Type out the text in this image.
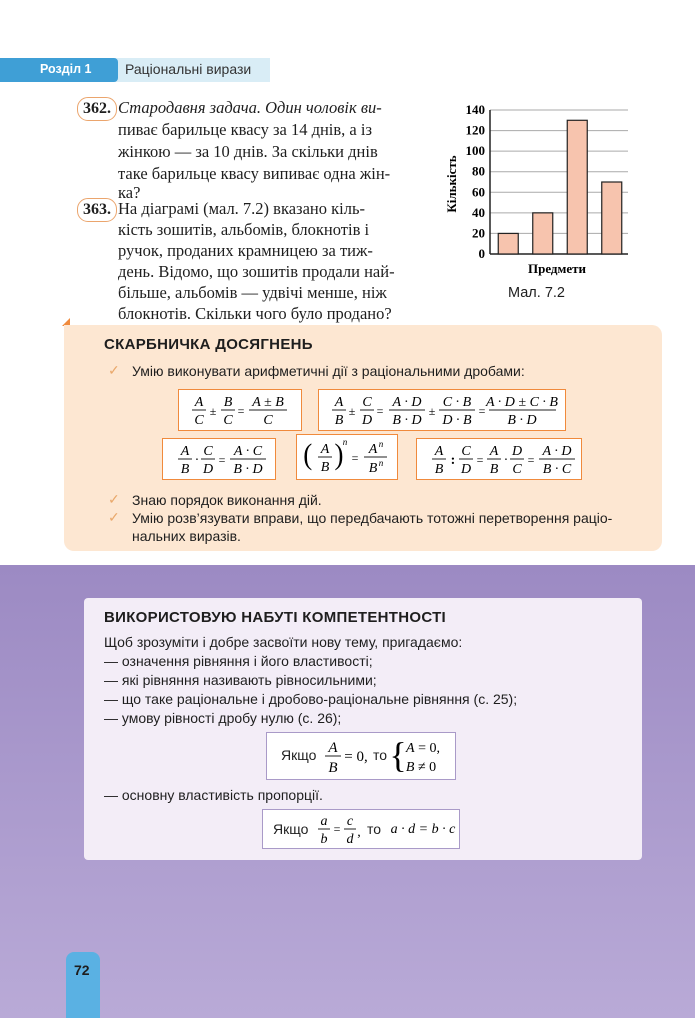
Розділ 1 Раціональні вирази
362. Стародавня задача. Один чоловік ви-
пиває барильце квасу за 14 днів, а із
жінкою — за 10 днів. За скільки днів
таке барильце квасу випиває одна жін-
ка?
363. На діаграмі (мал. 7.2) вказано кіль-
кість зошитів, альбомів, блокнотів і
ручок, проданих крамницею за тиж-
день. Відомо, що зошитів продали най-
більше, альбомів — удвічі менше, ніж
блокнотів. Скільки чого було продано?
0
20
40
60
80
100
120
140
Предмети
Кількість
Мал. 7.2
СКАРБНИЧКА ДОСЯГНЕНЬ
✓ Умію виконувати арифметичні дії з раціональними дробами:
A
C
±
B
C
=
A ± B
C
A
B
±
C
D
=
A · D
B · D
±
C · B
D · B
=
A · D ± C · B
B · D
A
B
·
C
D
=
A · C
B · D ( A
B ) n
=
A n
B n
A
B
:
C
D
=
A
B
·
D
C
=
A · D
B · C
✓ Знаю порядок виконання дій.
✓ Умію розв’язувати вправи, що передбачають тотожні перетворення раціо-
нальних виразів.
ВИКОРИСТОВУЮ НАБУТІ КОМПЕТЕНТНОСТІ
Щоб зрозуміти і добре засвоїти нову тему, пригадаємо:
— означення рівняння і його властивості;
— які рівняння називають рівносильними;
— що таке раціональне і дробово-раціональне рівняння (с. 25);
— умову рівності дробу нулю (с. 26);
Якщо	то
A
B
= 0, { A = 0,
B ≠ 0
— основну властивість пропорції.
Якщо	то
a
b
= c
d , a · d = b · c
72
